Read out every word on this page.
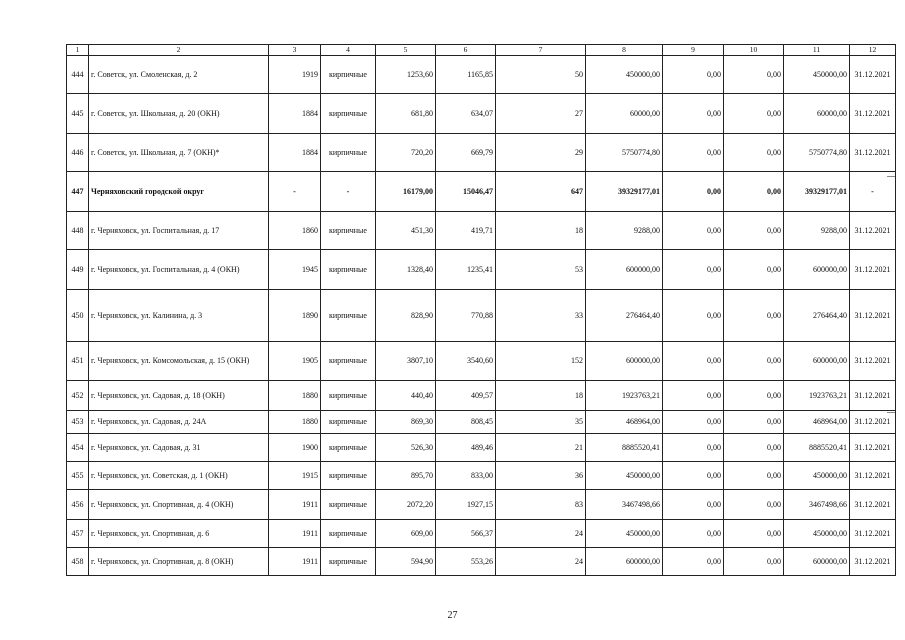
1	2	3	4	5	6	7	8	9	10	11	12
444	г. Советск, ул. Смоленская, д. 2	1919	кирпичные	1253,60	1165,85	50	450000,00	0,00	0,00	450000,00	31.12.2021
445	г. Советск, ул. Школьная, д. 20 (ОКН)	1884	кирпичные	681,80	634,07	27	60000,00	0,00	0,00	60000,00	31.12.2021
446	г. Советск, ул. Школьная, д. 7 (ОКН)*	1884	кирпичные	720,20	669,79	29	5750774,80	0,00	0,00	5750774,80	31.12.2021
447	Черняховский городской округ	-	-	16179,00	15046,47	647	39329177,01	0,00	0,00	39329177,01	-
448	г. Черняховск, ул. Госпитальная, д. 17	1860	кирпичные	451,30	419,71	18	9288,00	0,00	0,00	9288,00	31.12.2021
449	г. Черняховск, ул. Госпитальная, д. 4 (ОКН)	1945	кирпичные	1328,40	1235,41	53	600000,00	0,00	0,00	600000,00	31.12.2021
450	г. Черняховск, ул. Калинина, д. 3	1890	кирпичные	828,90	770,88	33	276464,40	0,00	0,00	276464,40	31.12.2021
451	г. Черняховск, ул. Комсомольская, д. 15 (ОКН)	1905	кирпичные	3807,10	3540,60	152	600000,00	0,00	0,00	600000,00	31.12.2021
452	г. Черняховск, ул. Садовая, д. 18 (ОКН)	1880	кирпичные	440,40	409,57	18	1923763,21	0,00	0,00	1923763,21	31.12.2021
453	г. Черняховск, ул. Садовая, д. 24А	1880	кирпичные	869,30	808,45	35	468964,00	0,00	0,00	468964,00	31.12.2021
454	г. Черняховск, ул. Садовая, д. 31	1900	кирпичные	526,30	489,46	21	8885520,41	0,00	0,00	8885520,41	31.12.2021
455	г. Черняховск, ул. Советская, д. 1 (ОКН)	1915	кирпичные	895,70	833,00	36	450000,00	0,00	0,00	450000,00	31.12.2021
456	г. Черняховск, ул. Спортивная, д. 4 (ОКН)	1911	кирпичные	2072,20	1927,15	83	3467498,66	0,00	0,00	3467498,66	31.12.2021
457	г. Черняховск, ул. Спортивная, д. 6	1911	кирпичные	609,00	566,37	24	450000,00	0,00	0,00	450000,00	31.12.2021
458	г. Черняховск, ул. Спортивная, д. 8 (ОКН)	1911	кирпичные	594,90	553,26	24	600000,00	0,00	0,00	600000,00	31.12.2021
27
